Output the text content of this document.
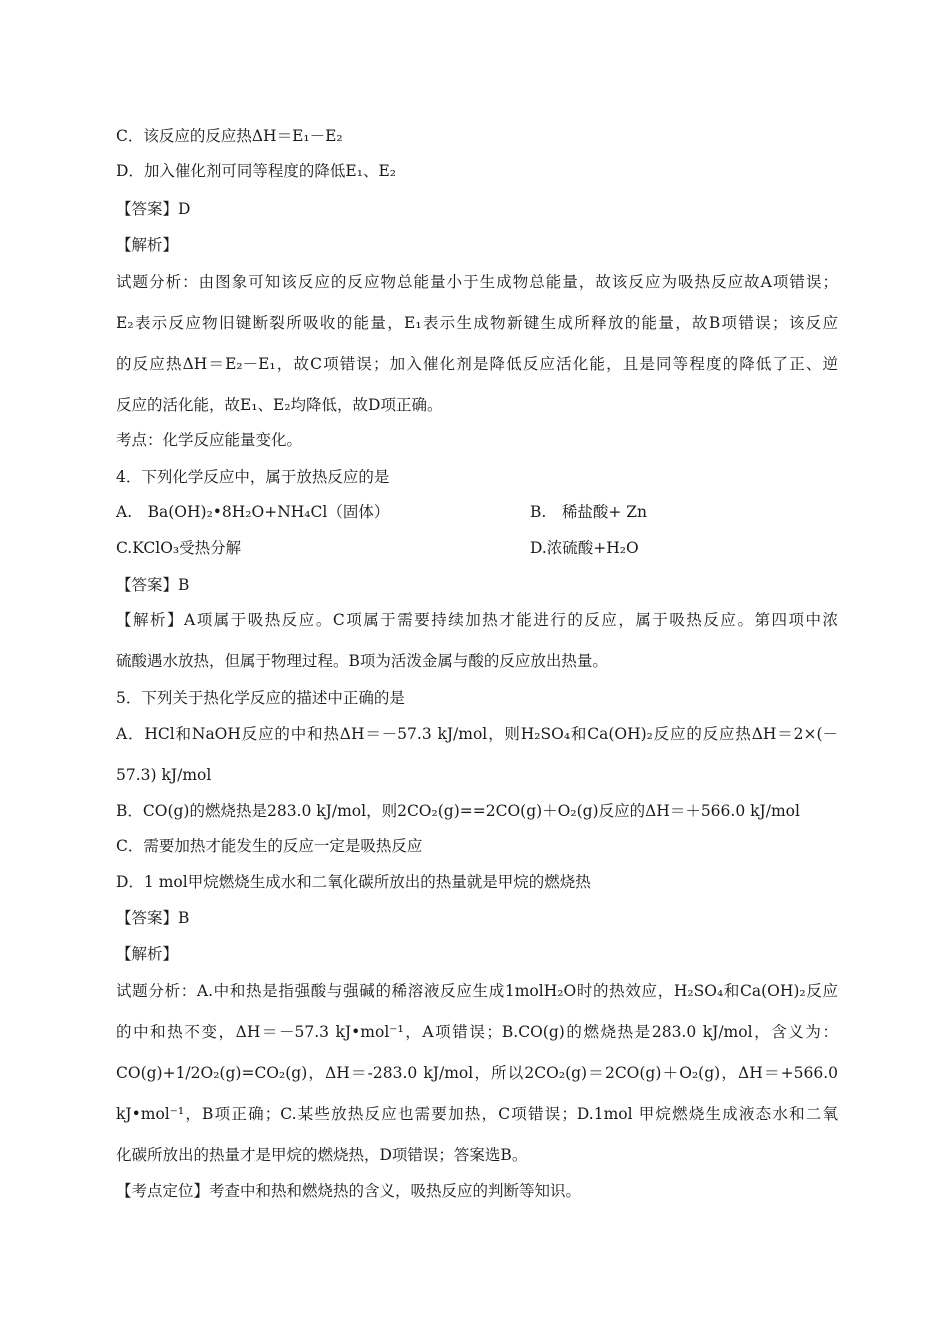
C．该反应的反应热ΔH＝E₁－E₂
D．加入催化剂可同等程度的降低E₁、E₂
【答案】D
【解析】
试题分析：由图象可知该反应的反应物总能量小于生成物总能量，故该反应为吸热反应故A项错误；
E₂表示反应物旧键断裂所吸收的能量，E₁表示生成物新键生成所释放的能量，故B项错误；该反应
的反应热ΔH＝E₂－E₁，故C项错误；加入催化剂是降低反应活化能，且是同等程度的降低了正、逆
反应的活化能，故E₁、E₂均降低，故D项正确。
考点：化学反应能量变化。
4．下列化学反应中，属于放热反应的是
A.　Ba(OH)₂•8H₂O+NH₄Cl（固体）	B.　稀盐酸+ Zn
C.KClO₃受热分解	D.浓硫酸+H₂O
【答案】B
【解析】A项属于吸热反应。C项属于需要持续加热才能进行的反应，属于吸热反应。第四项中浓
硫酸遇水放热，但属于物理过程。B项为活泼金属与酸的反应放出热量。
5．下列关于热化学反应的描述中正确的是
A．HCl和NaOH反应的中和热ΔH＝－57.3 kJ/mol，则H₂SO₄和Ca(OH)₂反应的反应热ΔH＝2×(－
57.3) kJ/mol
B．CO(g)的燃烧热是283.0 kJ/mol，则2CO₂(g)==2CO(g)＋O₂(g)反应的ΔH＝＋566.0 kJ/mol
C．需要加热才能发生的反应一定是吸热反应
D．1 mol甲烷燃烧生成水和二氧化碳所放出的热量就是甲烷的燃烧热
【答案】B
【解析】
试题分析：A.中和热是指强酸与强碱的稀溶液反应生成1molH₂O时的热效应，H₂SO₄和Ca(OH)₂反应
的中和热不变，ΔH＝－57.3 kJ•mol⁻¹，A项错误；B.CO(g)的燃烧热是283.0 kJ/mol，含义为：
CO(g)+1/2O₂(g)=CO₂(g)，ΔH＝-283.0 kJ/mol，所以2CO₂(g)＝2CO(g)＋O₂(g)，ΔH＝+566.0
kJ•mol⁻¹，B项正确；C.某些放热反应也需要加热，C项错误；D.1mol 甲烷燃烧生成液态水和二氧
化碳所放出的热量才是甲烷的燃烧热，D项错误；答案选B。
【考点定位】考查中和热和燃烧热的含义，吸热反应的判断等知识。
